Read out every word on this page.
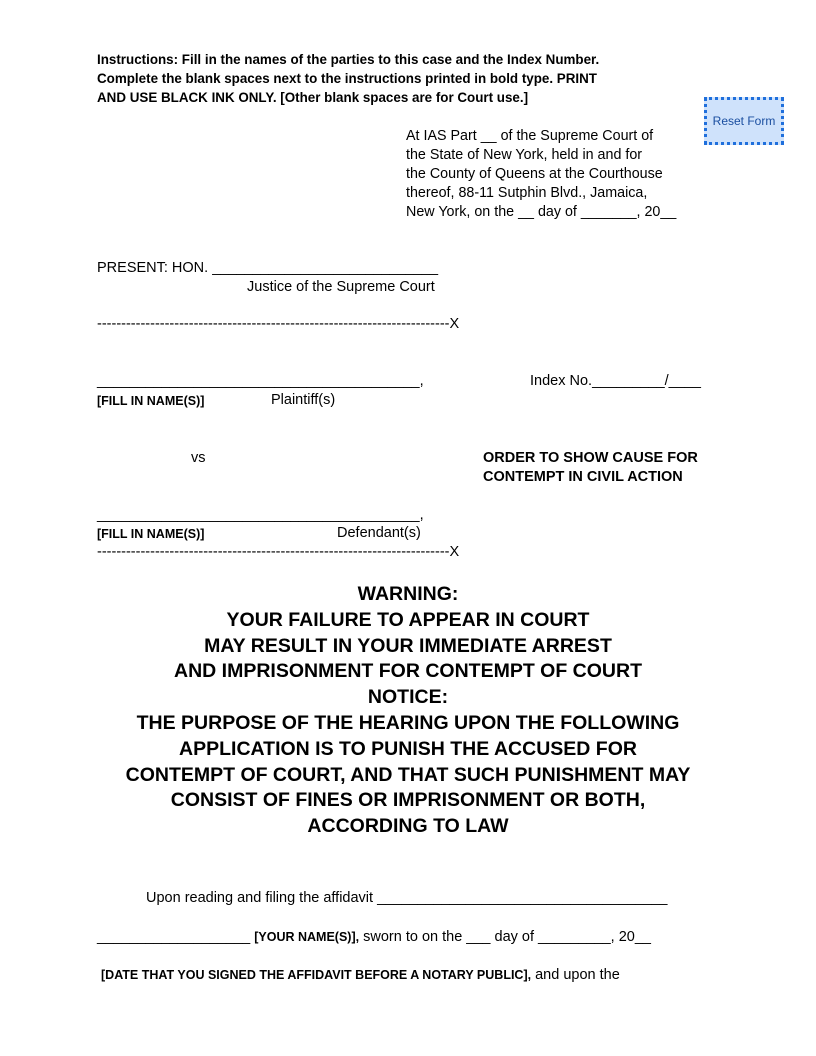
Instructions: Fill in the names of the parties to this case and the Index Number.
Complete the blank spaces next to the instructions printed in bold type. PRINT
AND USE BLACK INK ONLY. [Other blank spaces are for Court use.]
Reset Form
At IAS Part __ of the Supreme Court of
the State of New York, held in and for
the County of Queens at the Courthouse
thereof, 88-11 Sutphin Blvd., Jamaica,
New York, on the __ day of _______, 20__
PRESENT: HON. ____________________________
Justice of the Supreme Court
-------------------------------------------------------------------------X
________________________________________,
[FILL IN NAME(S)]	Plaintiff(s)
Index No._________/____
vs	ORDER TO SHOW CAUSE FOR
CONTEMPT IN CIVIL ACTION
________________________________________,
[FILL IN NAME(S)]	Defendant(s)
-------------------------------------------------------------------------X
WARNING:
YOUR FAILURE TO APPEAR IN COURT
MAY RESULT IN YOUR IMMEDIATE ARREST
AND IMPRISONMENT FOR CONTEMPT OF COURT
NOTICE:
THE PURPOSE OF THE HEARING UPON THE FOLLOWING
APPLICATION IS TO PUNISH THE ACCUSED FOR
CONTEMPT OF COURT, AND THAT SUCH PUNISHMENT MAY
CONSIST OF FINES OR IMPRISONMENT OR BOTH,
ACCORDING TO LAW
Upon reading and filing the affidavit ____________________________________
___________________ [YOUR NAME(S)], sworn to on the ___ day of _________, 20__
[DATE THAT YOU SIGNED THE AFFIDAVIT BEFORE A NOTARY PUBLIC], and upon the
